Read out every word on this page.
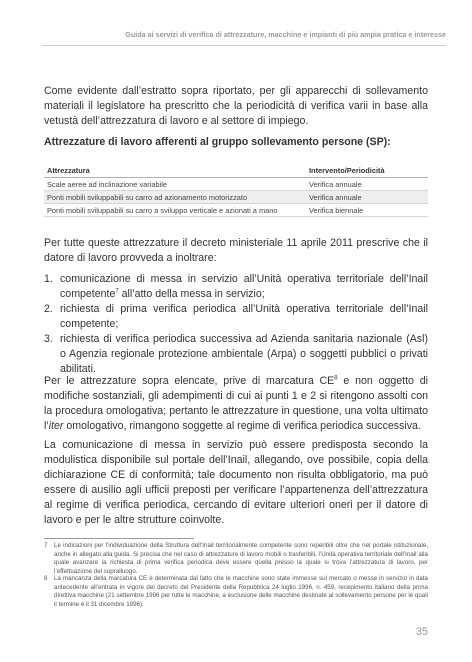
Guida ai servizi di verifica di attrezzature, macchine e impianti di più ampia pratica e interesse

Come evidente dall’estratto sopra riportato, per gli apparecchi di sollevamento materiali il legislatore ha prescritto che la periodicità di verifica varii in base alla vetustà dell’attrezzatura di lavoro e al settore di impiego.

Attrezzature di lavoro afferenti al gruppo sollevamento persone (SP):
Attrezzatura	Intervento/Periodicità
Scale aeree ad inclinazione variabile	Verifica annuale
Ponti mobili sviluppabili su carro ad azionamento motorizzato	Verifica annuale
Ponti mobili sviluppabili su carro a sviluppo verticale e azionati a mano	Verifica biennale

Per tutte queste attrezzature il decreto ministeriale 11 aprile 2011 prescrive che il datore di lavoro provveda a inoltrare:

1. comunicazione di messa in servizio all’Unità operativa territoriale dell’Inail competente$^7$ all’atto della messa in servizio;
2. richiesta di prima verifica periodica all’Unità operativa territoriale dell’Inail competente;
3. richiesta di verifica periodica successiva ad Azienda sanitaria nazionale (Asl) o Agenzia regionale protezione ambientale (Arpa) o soggetti pubblici o privati abilitati.

Per le attrezzature sopra elencate, prive di marcatura $CE^8$ e non oggetto di modifiche sostanziali, gli adempimenti di cui ai punti 1 e 2 si ritengono assolti con la procedura omologativa; pertanto le attrezzature in questione, una volta ultimato l’iter omologativo, rimangono soggette al regime di verifica periodica successiva.

La comunicazione di messa in servizio può essere predisposta secondo la modulistica disponibile sul portale dell’Inail, allegando, ove possibile, copia della dichiarazione CE di conformità; tale documento non risulta obbligatorio, ma può essere di ausilio agli ufficii preposti per verificare l’appartenenza dell’attrezzatura al regime di verifica periodica, cercando di evitare ulteriori oneri per il datore di lavoro e per le altre strutture coinvolte.

7	Le indicazioni per l’individuazione della Struttura dell’Inail territorialmente competente sono reperibili oltre che nel portale istituzionale, anche in allegato alla guida. Si precisa che nel caso di attrezzature di lavoro mobili o trasferibili, l’Unità operativa territoriale dell’Inail alla quale avanzare la richiesta di prima verifica periodica deve essere quella presso la quale si trova l’attrezzatura di lavoro, per l’effettuazione del sopralluogo.
8	La mancanza della marcatura CE è determinata dal fatto che le macchine sono state immesse sul mercato o messe in servizio in data antecedente all’entrata in vigore del decreto del Presidente della Repubblica 24 luglio 1996, n. 459, recepimento italiano della prima direttiva macchine (21 settembre 1996 per tutte le macchine, a esclusione delle macchine destinate al sollevamento persone per le quali il termine è il 31 dicembre 1996).
35
